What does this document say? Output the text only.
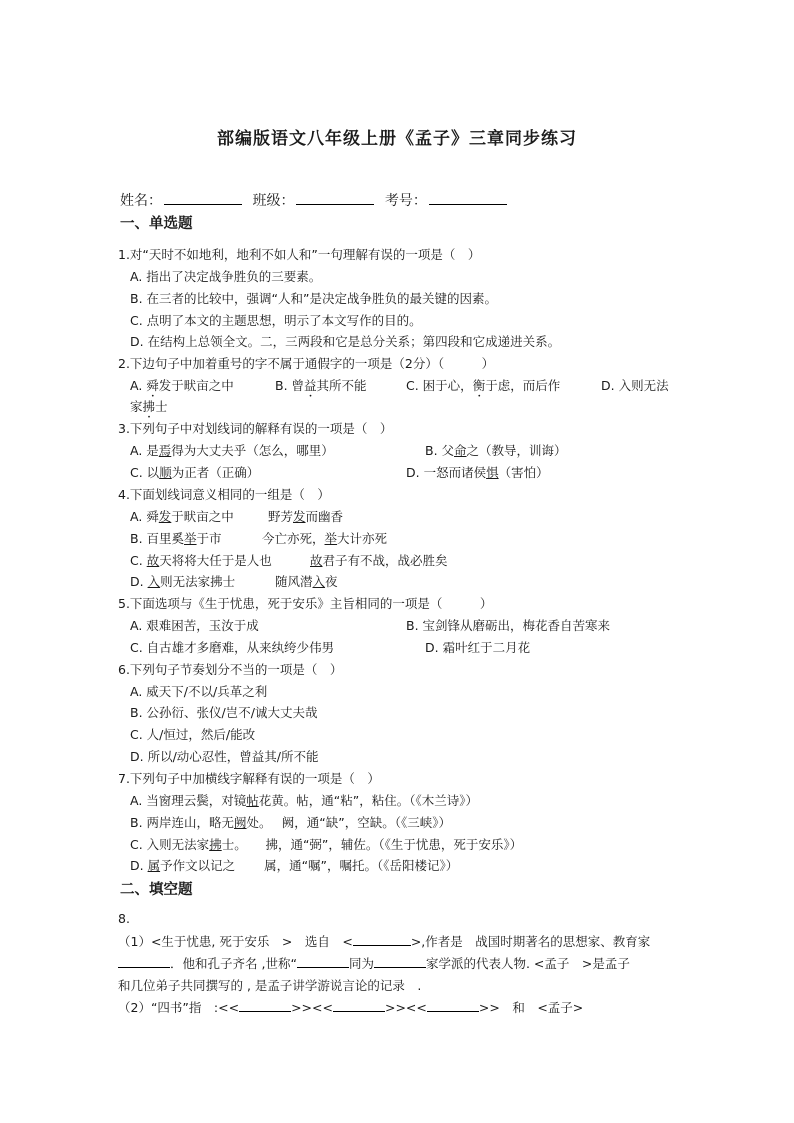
部编版语文八年级上册《孟子》三章同步练习
姓名：	班级：	考号：
一、单选题
1.对“天时不如地利，地利不如人和”一句理解有误的一项是（　）
A. 指出了决定战争胜负的三要素。
B. 在三者的比较中，强调“人和”是决定战争胜负的最关键的因素。
C. 点明了本文的主题思想，明示了本文写作的目的。
D. 在结构上总领全文。二，三两段和它是总分关系；第四段和它成递进关系。
2.下边句子中加着重号的字不属于通假字的一项是（2分）（　　　）
A. 舜发于畎亩之中	B. 曾益其所不能	C. 困于心，衡于虑，而后作	D. 入则无法
家拂士
3.下列句子中对划线词的解释有误的一项是（　）
A. 是焉得为大丈夫乎（怎么，哪里）	B. 父命之（教导，训诲）
C. 以顺为正者（正确）	D. 一怒而诸侯惧（害怕）
4.下面划线词意义相同的一组是（　）
A. 舜发于畎亩之中	野芳发而幽香
B. 百里奚举于市	今亡亦死，举大计亦死
C. 故天将将大任于是人也	故君子有不战，战必胜矣
D. 入则无法家拂士	随风潜入夜
5.下面选项与《生于忧患，死于安乐》主旨相同的一项是（　　　）
A. 艰难困苦，玉汝于成	B. 宝剑锋从磨砺出，梅花香自苦寒来
C. 自古雄才多磨难，从来纨绔少伟男	D. 霜叶红于二月花
6.下列句子节奏划分不当的一项是（　）
A. 威天下/不以/兵革之利
B. 公孙衍、张仪/岂不/诚大丈夫哉
C. 人/恒过，然后/能改
D. 所以/动心忍性，曾益其/所不能
7.下列句子中加横线字解释有误的一项是（　）
A. 当窗理云鬓，对镜帖花黄。帖，通“粘”，粘住。（《木兰诗》）
B. 两岸连山，略无阙处。　 阙，通“缺”，空缺。（《三峡》）
C. 入则无法家拂士。　　拂，通“弼”，辅佐。（《生于忧患，死于安乐》）
D. 属予作文以记之　　 属，通“嘱”，嘱托。（《岳阳楼记》）
二、填空题
8.
（1）<生于忧患, 死于安乐　>　选自　<	>,作者是　战国时期著名的思想家、教育家
．他和孔子齐名 ,世称“	同为	家学派的代表人物. <孟子　>是孟子
和几位弟子共同撰写的 , 是孟子讲学游说言论的记录　.
（2）“四书”指　:<<	>><<	>><<	>>　和　<孟子>
